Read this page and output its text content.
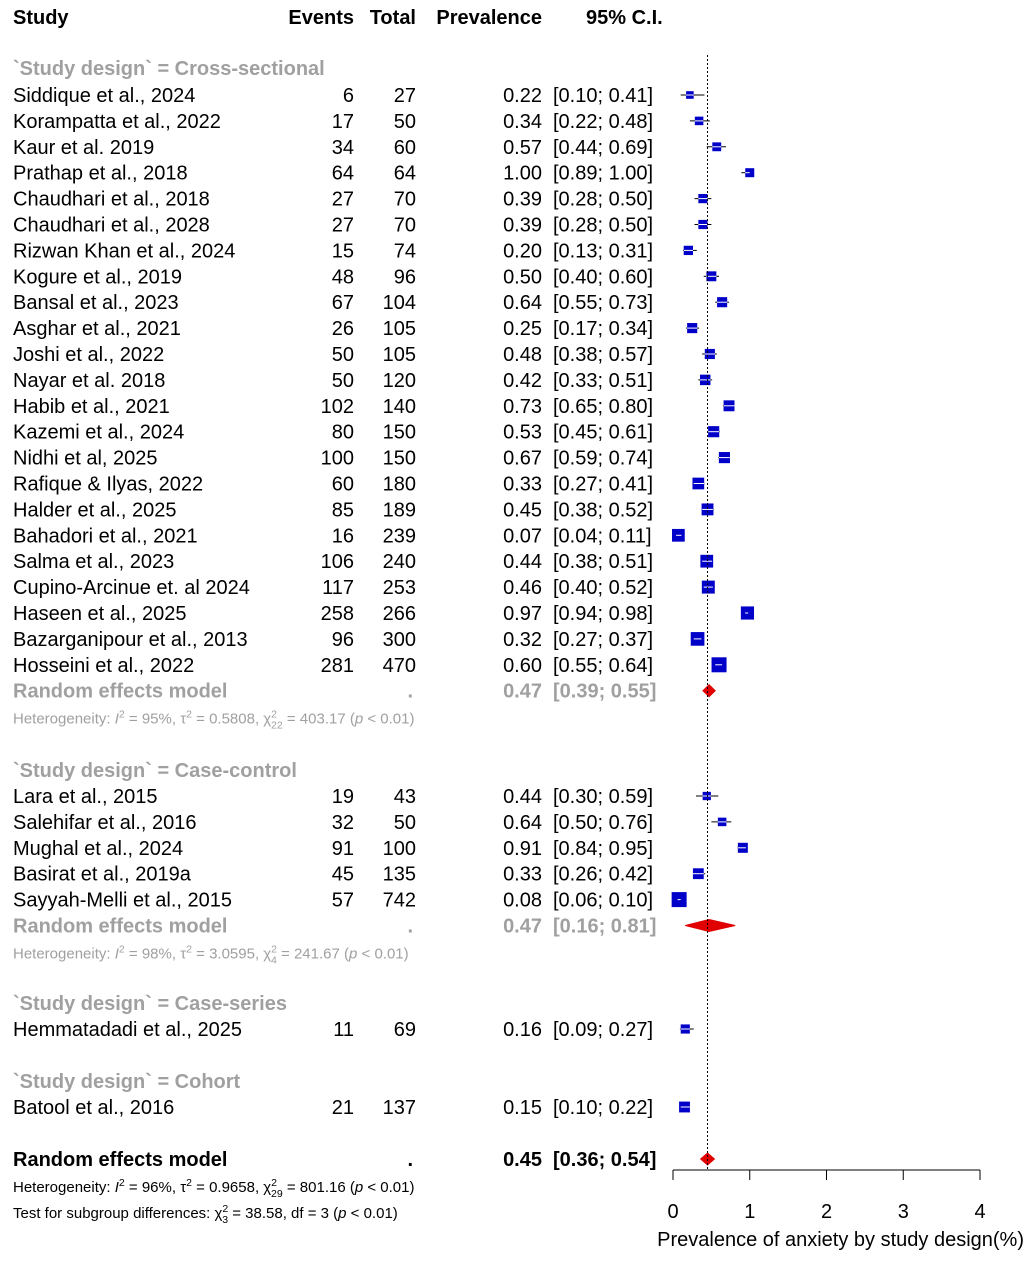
Study	Events Total Prevalence 95% C.I.
`Study design` = Cross-sectional
Siddique et al., 2024	6 27	0.22 [0.10; 0.41]
Korampatta et al., 2022	17 50	0.34 [0.22; 0.48]
Kaur et al. 2019	34 60	0.57 [0.44; 0.69]
Prathap et al., 2018	64 64	1.00 [0.89; 1.00]
Chaudhari et al., 2018	27 70	0.39 [0.28; 0.50]
Chaudhari et al., 2028	27 70	0.39 [0.28; 0.50]
Rizwan Khan et al., 2024	15 74	0.20 [0.13; 0.31]
Kogure et al., 2019	48 96	0.50 [0.40; 0.60]
Bansal et al., 2023	67 104	0.64 [0.55; 0.73]
Asghar et al., 2021	26 105	0.25 [0.17; 0.34]
Joshi et al., 2022	50 105	0.48 [0.38; 0.57]
Nayar et al. 2018	50 120	0.42 [0.33; 0.51]
Habib et al., 2021	102 140	0.73 [0.65; 0.80]
Kazemi et al., 2024	80 150	0.53 [0.45; 0.61]
Nidhi et al, 2025	100 150	0.67 [0.59; 0.74]
Rafique & Ilyas, 2022	60 180	0.33 [0.27; 0.41]
Halder et al., 2025	85 189	0.45 [0.38; 0.52]
Bahadori et al., 2021	16 239	0.07 [0.04; 0.11]
Salma et al., 2023	106 240	0.44 [0.38; 0.51]
Cupino-Arcinue et. al 2024	117 253	0.46 [0.40; 0.52]
Haseen et al., 2025	258 266	0.97 [0.94; 0.98]
Bazarganipour et al., 2013	96 300	0.32 [0.27; 0.37]
Hosseini et al., 2022	281 470	0.60 [0.55; 0.64]
Random effects model	.	0.47 [0.39; 0.55]
Heterogeneity: $I^2 = 95\%$, $\tau^2 = 0.5808$, $\chi^2$ 22 = 403.17 (p < 0.01)
`Study design` = Case-control
Lara et al., 2015	19 43	0.44 [0.30; 0.59]
Salehifar et al., 2016	32 50	0.64 [0.50; 0.76]
Mughal et al., 2024	91 100	0.91 [0.84; 0.95]
Basirat et al., 2019a	45 135	0.33 [0.26; 0.42]
Sayyah-Melli et al., 2015	57 742	0.08 [0.06; 0.10]
Random effects model	.	0.47 [0.16; 0.81]
Heterogeneity: $I^2 = 98\%$, $\tau^2 = 3.0595$, $\chi^2$ 4 = 241.67 (p < 0.01)
`Study design` = Case-series
Hemmatadadi et al., 2025	11 69	0.16 [0.09; 0.27]
`Study design` = Cohort
Batool et al., 2016	21 137	0.15 [0.10; 0.22]
Random effects model	.	0.45 [0.36; 0.54]
Heterogeneity: $I^2 = 96\%$, $\tau^2 = 0.9658$, $\chi^2$ 29 = 801.16 (p < 0.01)
Test for subgroup differences: $\chi^2$ 3 = 38.58, df = 3 (p < 0.01)	0	1	2	3	4
Prevalence of anxiety by study design(%)
